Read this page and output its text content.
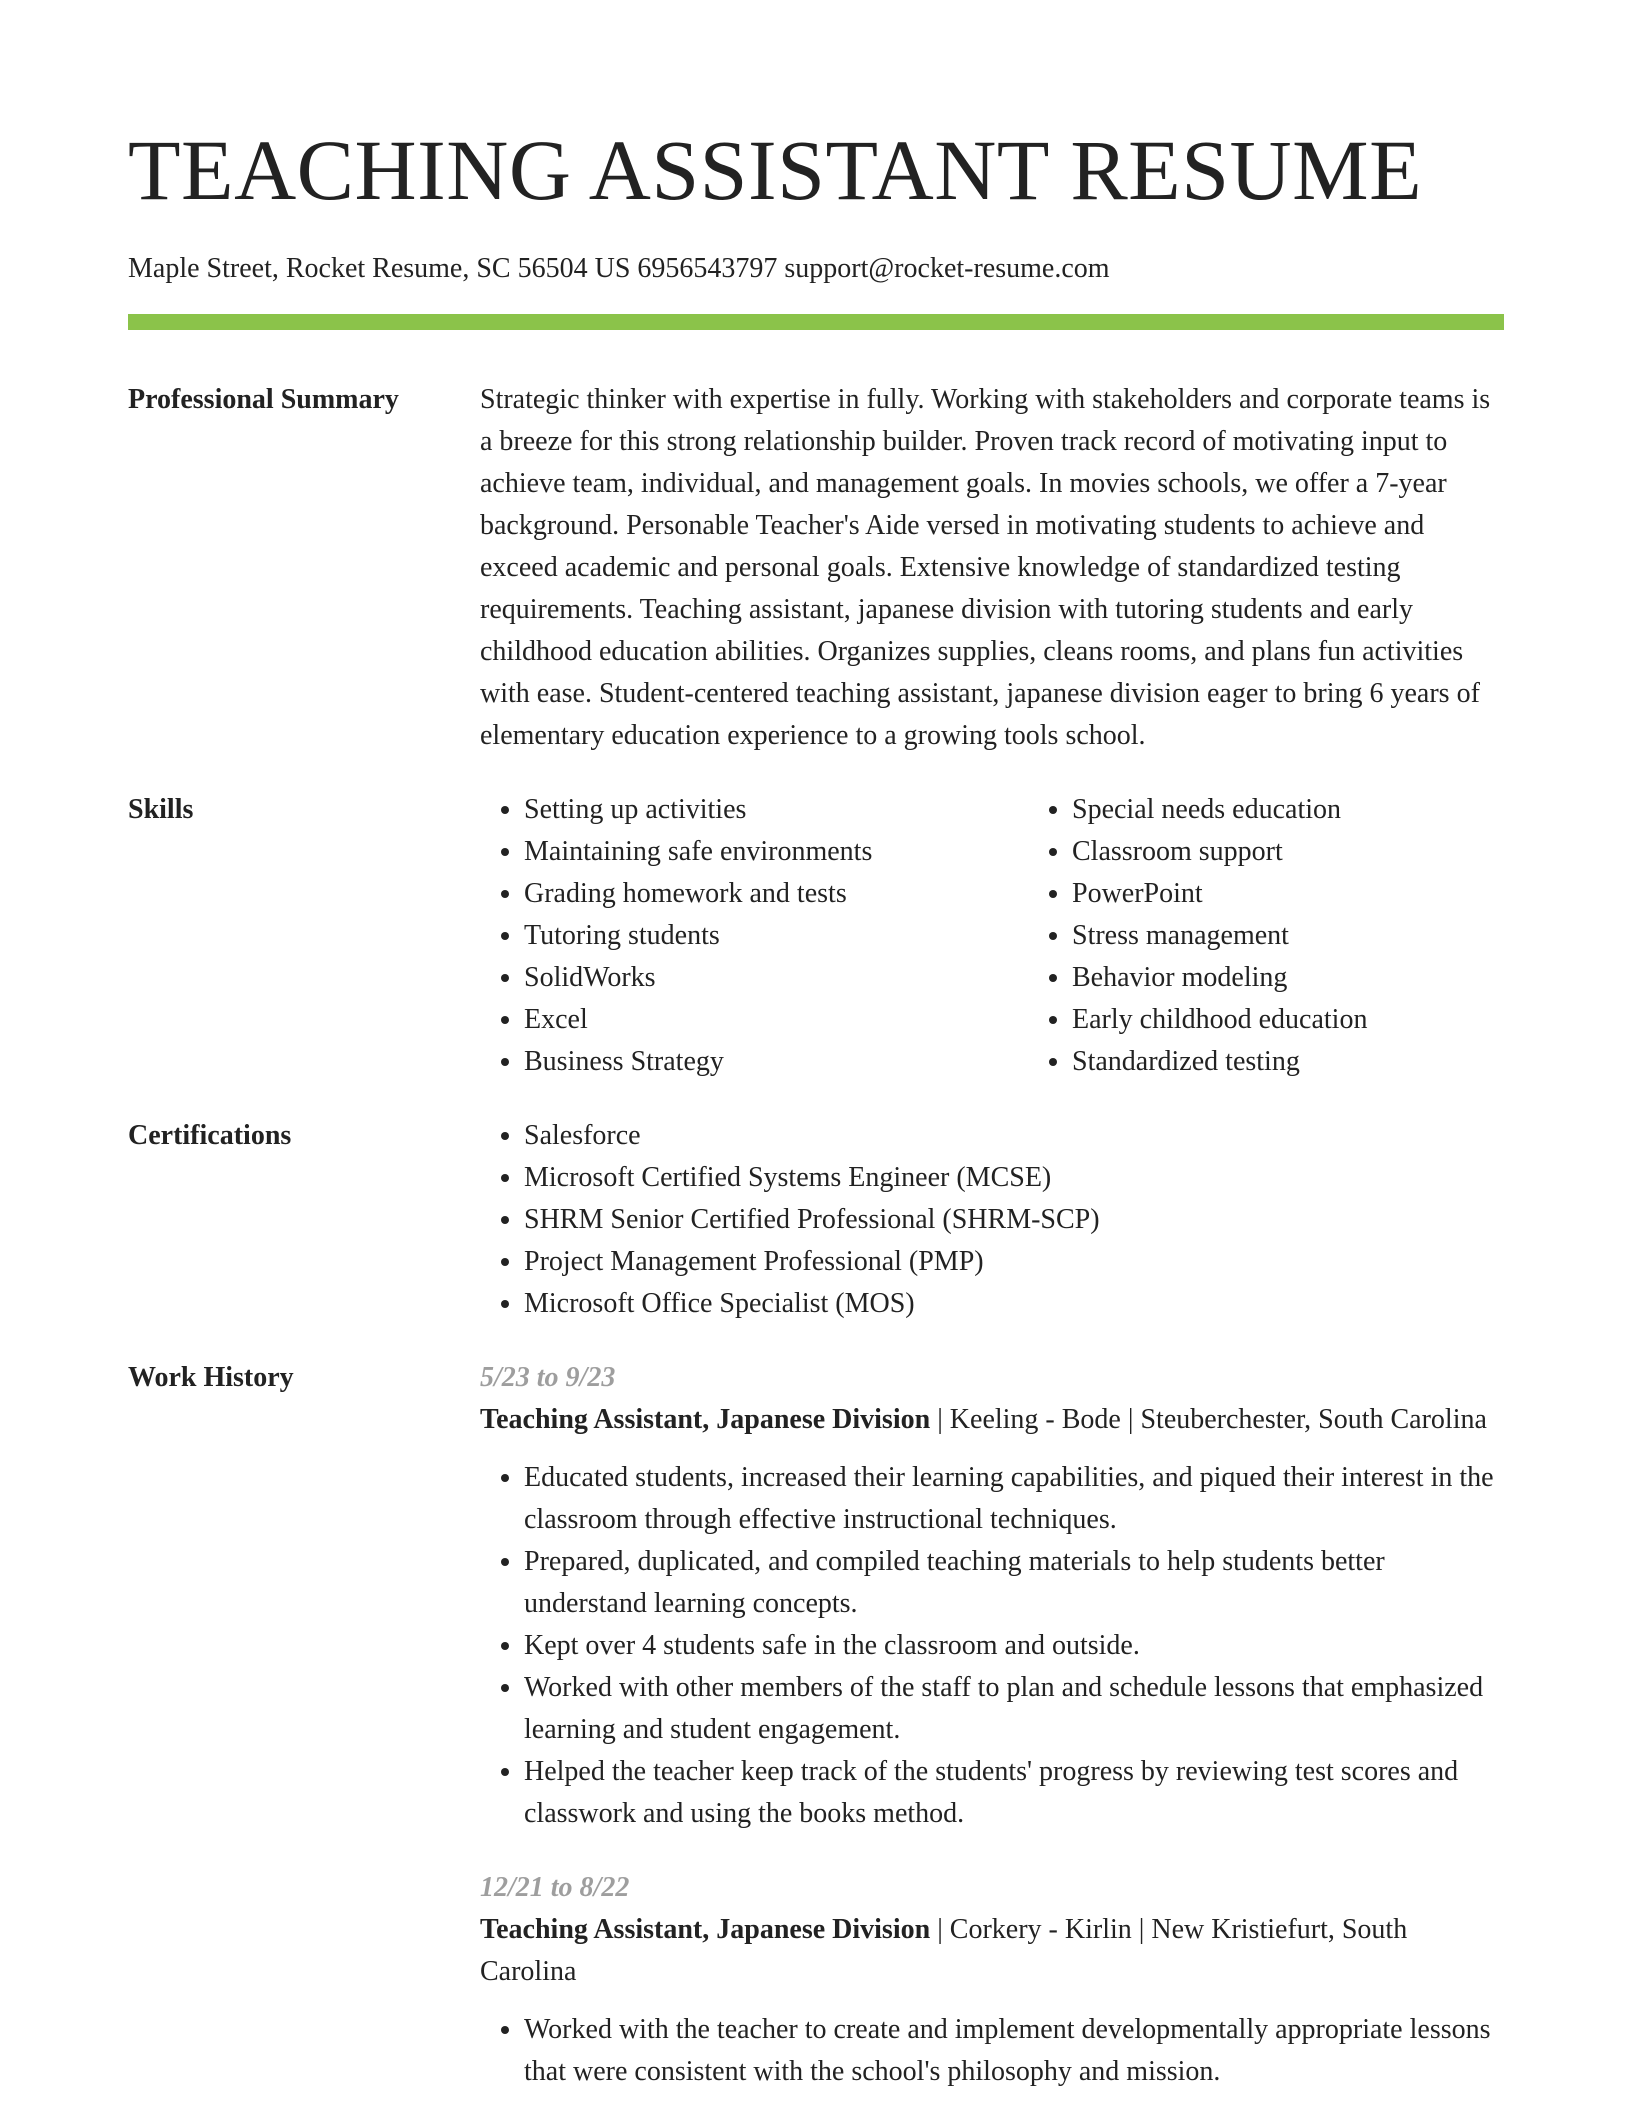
TEACHING ASSISTANT RESUME
Maple Street, Rocket Resume, SC 56504 US 6956543797 support@rocket-resume.com
Professional Summary	Strategic thinker with expertise in fully. Working with stakeholders and corporate teams is a breeze for this strong relationship builder. Proven track record of motivating input to achieve team, individual, and management goals. In movies schools, we offer a 7-year background. Personable Teacher's Aide versed in motivating students to achieve and exceed academic and personal goals. Extensive knowledge of standardized testing requirements. Teaching assistant, japanese division with tutoring students and early childhood education abilities. Organizes supplies, cleans rooms, and plans fun activities with ease. Student-centered teaching assistant, japanese division eager to bring 6 years of elementary education experience to a growing tools school.

Skills	• Setting up activities
• Maintaining safe environments
• Grading homework and tests
• Tutoring students
• SolidWorks
• Excel
• Business Strategy
• Special needs education
• Classroom support
• PowerPoint
• Stress management
• Behavior modeling
• Early childhood education
• Standardized testing
Certifications	• Salesforce
• Microsoft Certified Systems Engineer (MCSE)
• SHRM Senior Certified Professional (SHRM-SCP)
• Project Management Professional (PMP)
• Microsoft Office Specialist (MOS)
Work History	5/23 to 9/23

Teaching Assistant, Japanese Division | Keeling - Bode | Steuberchester, South Carolina

• Educated students, increased their learning capabilities, and piqued their interest in the classroom through effective instructional techniques.
• Prepared, duplicated, and compiled teaching materials to help students better understand learning concepts.
• Kept over 4 students safe in the classroom and outside.
• Worked with other members of the staff to plan and schedule lessons that emphasized learning and student engagement.
• Helped the teacher keep track of the students' progress by reviewing test scores and classwork and using the books method.
12/21 to 8/22

Teaching Assistant, Japanese Division | Corkery - Kirlin | New Kristiefurt, South Carolina

• Worked with the teacher to create and implement developmentally appropriate lessons that were consistent with the school's philosophy and mission.
